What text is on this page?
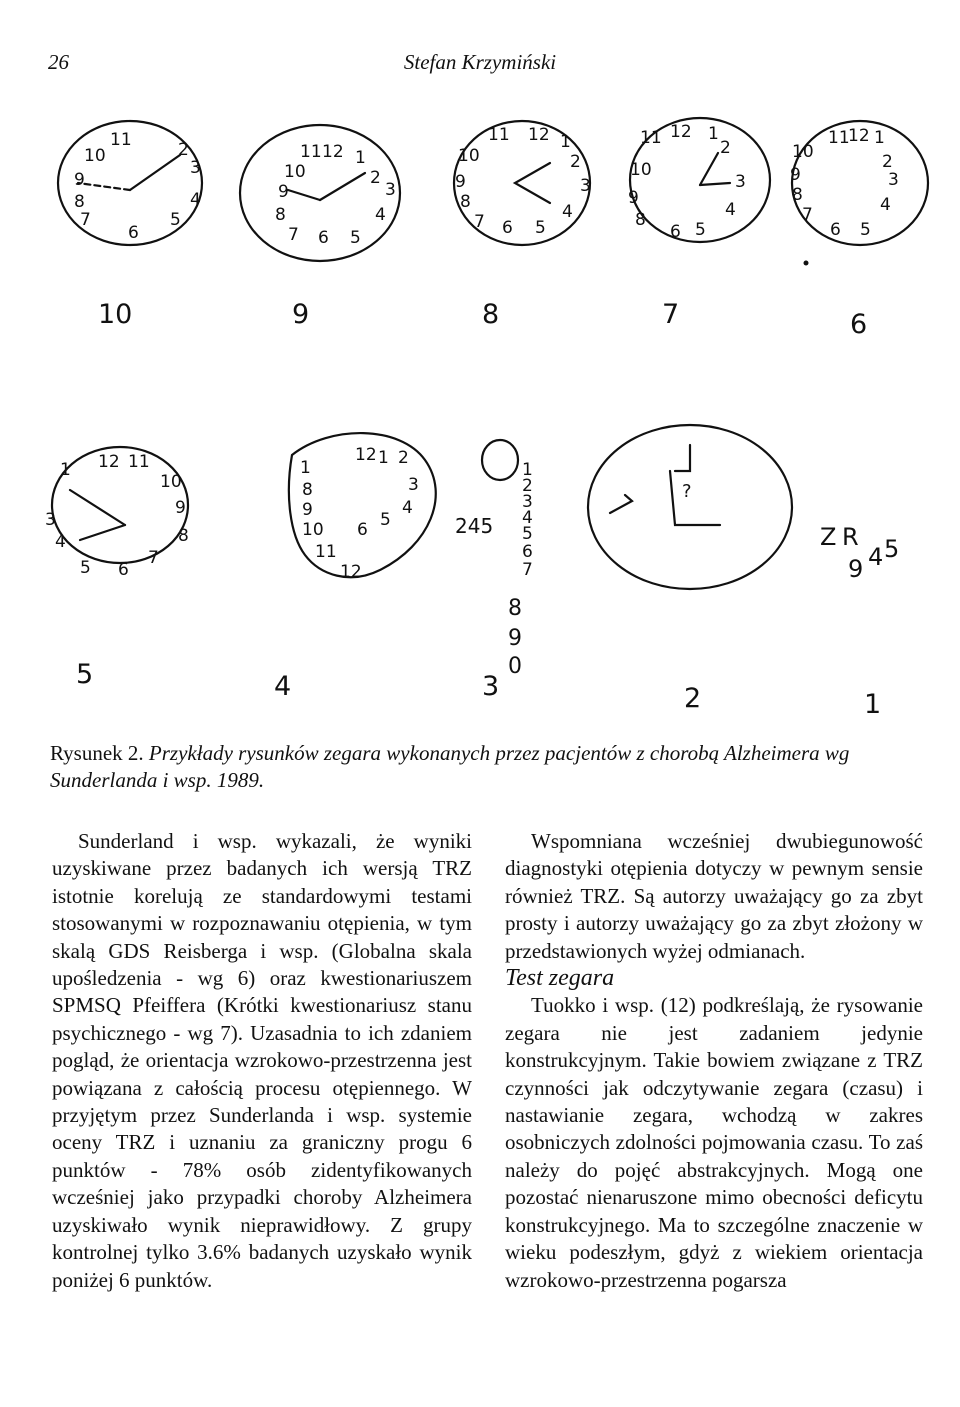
26	Stefan Krzymiński
11	2
3
4
5
6
7
8
9
10	11 12 1
2
3
4
5
6
7
8
9
10
11 12 1
2
3
4
5
6
7
8
9
10
11 12 1
2
3
4
5
6
8
9
10
11
12 1
2
3
4
5
6
7
8
9
10
12 11
10
9
8
7
6
5
4
3
1	1
12 1 2
3
4
5
6
8
9
10
11
12
245
1
2
3
4
5
6
7
8
9
0
?
Z R
9 4 5
10	9	8	7	6
5	4	3	2	1
Rysunek 2. Przykłady rysunków zegara wykonanych przez pacjentów z chorobą Alzheimera wg Sunderlanda i wsp. 1989.

Sunderland i wsp. wykazali, że wyniki uzyskiwane przez badanych ich wersją TRZ istotnie korelują ze standardowymi testami stosowanymi w rozpoznawaniu otępienia, w tym skalą GDS Reisberga i wsp. (Globalna skala upośledzenia - wg 6) oraz kwestionariuszem SPMSQ Pfeiffera (Krótki kwestionariusz stanu psychicznego - wg 7). Uzasadnia to ich zdaniem pogląd, że orientacja wzrokowo-przestrzenna jest powiązana z całością procesu otępiennego. W przyjętym przez Sunderlanda i wsp. systemie oceny TRZ i uznaniu za graniczny progu 6 punktów - 78% osób zidentyfikowanych wcześniej jako przypadki choroby Alzheimera uzyskiwało wynik nieprawidłowy. Z grupy kontrolnej tylko 3.6% badanych uzyskało wynik poniżej 6 punktów.

Wspomniana wcześniej dwubiegunowość diagnostyki otępienia dotyczy w pewnym sensie również TRZ. Są autorzy uważający go za zbyt prosty i autorzy uważający go za zbyt złożony w przedstawionych wyżej odmianach.

Test zegara

Tuokko i wsp. (12) podkreślają, że rysowanie zegara nie jest zadaniem jedynie konstrukcyjnym. Takie bowiem związane z TRZ czynności jak odczytywanie zegara (czasu) i nastawianie zegara, wchodzą w zakres osobniczych zdolności pojmowania czasu. To zaś należy do pojęć abstrakcyjnych. Mogą one pozostać nienaruszone mimo obecności deficytu konstrukcyjnego. Ma to szczególne znaczenie w wieku podeszłym, gdyż z wiekiem orientacja wzrokowo-przestrzenna pogarsza
